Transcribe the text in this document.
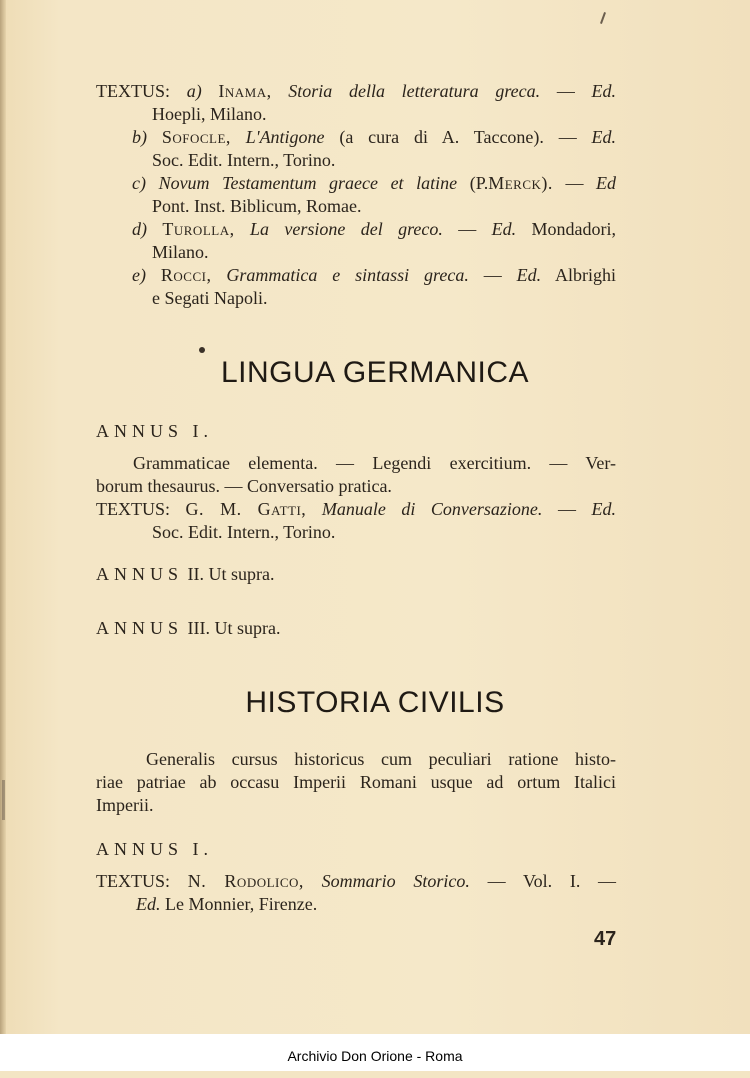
TEXTUS: a) Inama, Storia della letteratura greca. — Ed.
Hoepli, Milano.
b) Sofocle, L'Antigone (a cura di A. Taccone). — Ed.
Soc. Edit. Intern., Torino.
c) Novum Testamentum graece et latine (P.Merck). — Ed
Pont. Inst. Biblicum, Romae.
d) Turolla, La versione del greco. — Ed. Mondadori,
Milano.
e) Rocci, Grammatica e sintassi greca. — Ed. Albrighi
e Segati Napoli.
LINGUA GERMANICA
ANNUS I.
Grammaticae elementa. — Legendi exercitium. — Ver-
borum thesaurus. — Conversatio pratica.
TEXTUS: G. M. Gatti, Manuale di Conversazione. — Ed.
Soc. Edit. Intern., Torino.
ANNUS II. Ut supra.
ANNUS III. Ut supra.
HISTORIA CIVILIS
Generalis cursus historicus cum peculiari ratione histo-
riae patriae ab occasu Imperii Romani usque ad ortum Italici
Imperii.
ANNUS I.
TEXTUS: N. Rodolico, Sommario Storico. — Vol. I. —
Ed. Le Monnier, Firenze.
47
Archivio Don Orione - Roma
